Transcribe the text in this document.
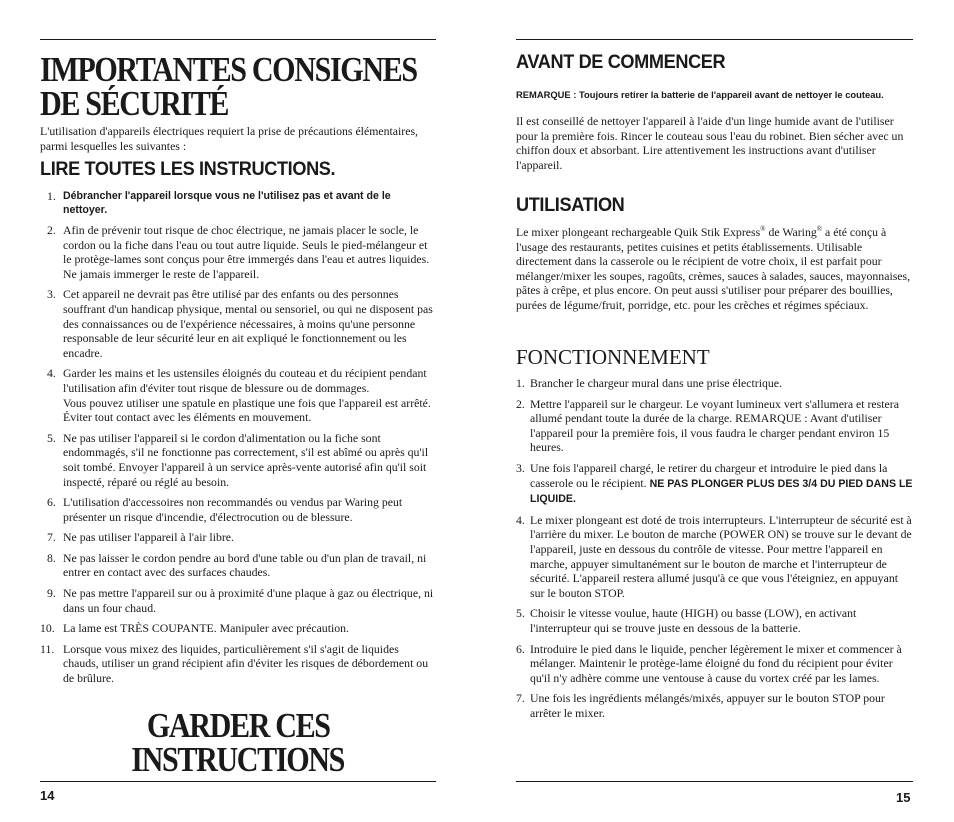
IMPORTANTES CONSIGNES

DE SÉCURITÉ

L'utilisation d'appareils électriques requiert la prise de précautions élémentaires, parmi lesquelles les suivantes :

LIRE TOUTES LES INSTRUCTIONS.

1. Débrancher l'appareil lorsque vous ne l'utilisez pas et avant de le nettoyer.
2. Afin de prévenir tout risque de choc électrique, ne jamais placer le socle, le cordon ou la fiche dans l'eau ou tout autre liquide. Seuls le pied-mélangeur et le protège-lames sont conçus pour être immergés dans l'eau et autres liquides. Ne jamais immerger le reste de l'appareil.
3. Cet appareil ne devrait pas être utilisé par des enfants ou des personnes souffrant d'un handicap physique, mental ou sensoriel, ou qui ne disposent pas des connaissances ou de l'expérience nécessaires, à moins qu'une personne responsable de leur sécurité leur en ait expliqué le fonctionnement ou les encadre.
4. Garder les mains et les ustensiles éloignés du couteau et du récipient pendant l'utilisation afin d'éviter tout risque de blessure ou de dommages.
Vous pouvez utiliser une spatule en plastique une fois que l'appareil est arrêté. Éviter tout contact avec les éléments en mouvement.
5. Ne pas utiliser l'appareil si le cordon d'alimentation ou la fiche sont endommagés, s'il ne fonctionne pas correctement, s'il est abîmé ou après qu'il soit tombé. Envoyer l'appareil à un service après-vente autorisé afin qu'il soit inspecté, réparé ou réglé au besoin.
6. L'utilisation d'accessoires non recommandés ou vendus par Waring peut présenter un risque d'incendie, d'électrocution ou de blessure.
7. Ne pas utiliser l'appareil à l'air libre.
8. Ne pas laisser le cordon pendre au bord d'une table ou d'un plan de travail, ni entrer en contact avec des surfaces chaudes.
9. Ne pas mettre l'appareil sur ou à proximité d'une plaque à gaz ou électrique, ni dans un four chaud.
10. La lame est TRÈS COUPANTE. Manipuler avec précaution.
11. Lorsque vous mixez des liquides, particulièrement s'il s'agit de liquides chauds, utiliser un grand récipient afin d'éviter les risques de débordement ou de brûlure.
GARDER CES
INSTRUCTIONS
14

AVANT DE COMMENCER

REMARQUE : Toujours retirer la batterie de l'appareil avant de nettoyer le couteau.

Il est conseillé de nettoyer l'appareil à l'aide d'un linge humide avant de l'utiliser pour la première fois. Rincer le couteau sous l'eau du robinet. Bien sécher avec un chiffon doux et absorbant. Lire attentivement les instructions avant d'utiliser l'appareil.

UTILISATION

Le mixer plongeant rechargeable Quik Stik Express® de Waring® a été conçu à l'usage des restaurants, petites cuisines et petits établissements. Utilisable directement dans la casserole ou le récipient de votre choix, il est parfait pour mélanger/mixer les soupes, ragoûts, crèmes, sauces à salades, sauces, mayonnaises, pâtes à crêpe, et plus encore. On peut aussi s'utiliser pour préparer des bouillies, purées de légume/fruit, porridge, etc. pour les crèches et régimes spéciaux.

FONCTIONNEMENT

1. Brancher le chargeur mural dans une prise électrique.
2. Mettre l'appareil sur le chargeur. Le voyant lumineux vert s'allumera et restera allumé pendant toute la durée de la charge. REMARQUE : Avant d'utiliser l'appareil pour la première fois, il vous faudra le charger pendant environ 15 heures.
3. Une fois l'appareil chargé, le retirer du chargeur et introduire le pied dans la casserole ou le récipient. NE PAS PLONGER PLUS DES 3/4 DU PIED DANS LE LIQUIDE.
4. Le mixer plongeant est doté de trois interrupteurs. L'interrupteur de sécurité est à l'arrière du mixer. Le bouton de marche (POWER ON) se trouve sur le devant de l'appareil, juste en dessous du contrôle de vitesse. Pour mettre l'appareil en marche, appuyer simultanément sur le bouton de marche et l'interrupteur de sécurité. L'appareil restera allumé jusqu'à ce que vous l'éteigniez, en appuyant sur le bouton STOP.
5. Choisir le vitesse voulue, haute (HIGH) ou basse (LOW), en activant l'interrupteur qui se trouve juste en dessous de la batterie.
6. Introduire le pied dans le liquide, pencher légèrement le mixer et commencer à mélanger. Maintenir le protège-lame éloigné du fond du récipient pour éviter qu'il n'y adhère comme une ventouse à cause du vortex créé par les lames.
7. Une fois les ingrédients mélangés/mixés, appuyer sur le bouton STOP pour arrêter le mixer.
15
